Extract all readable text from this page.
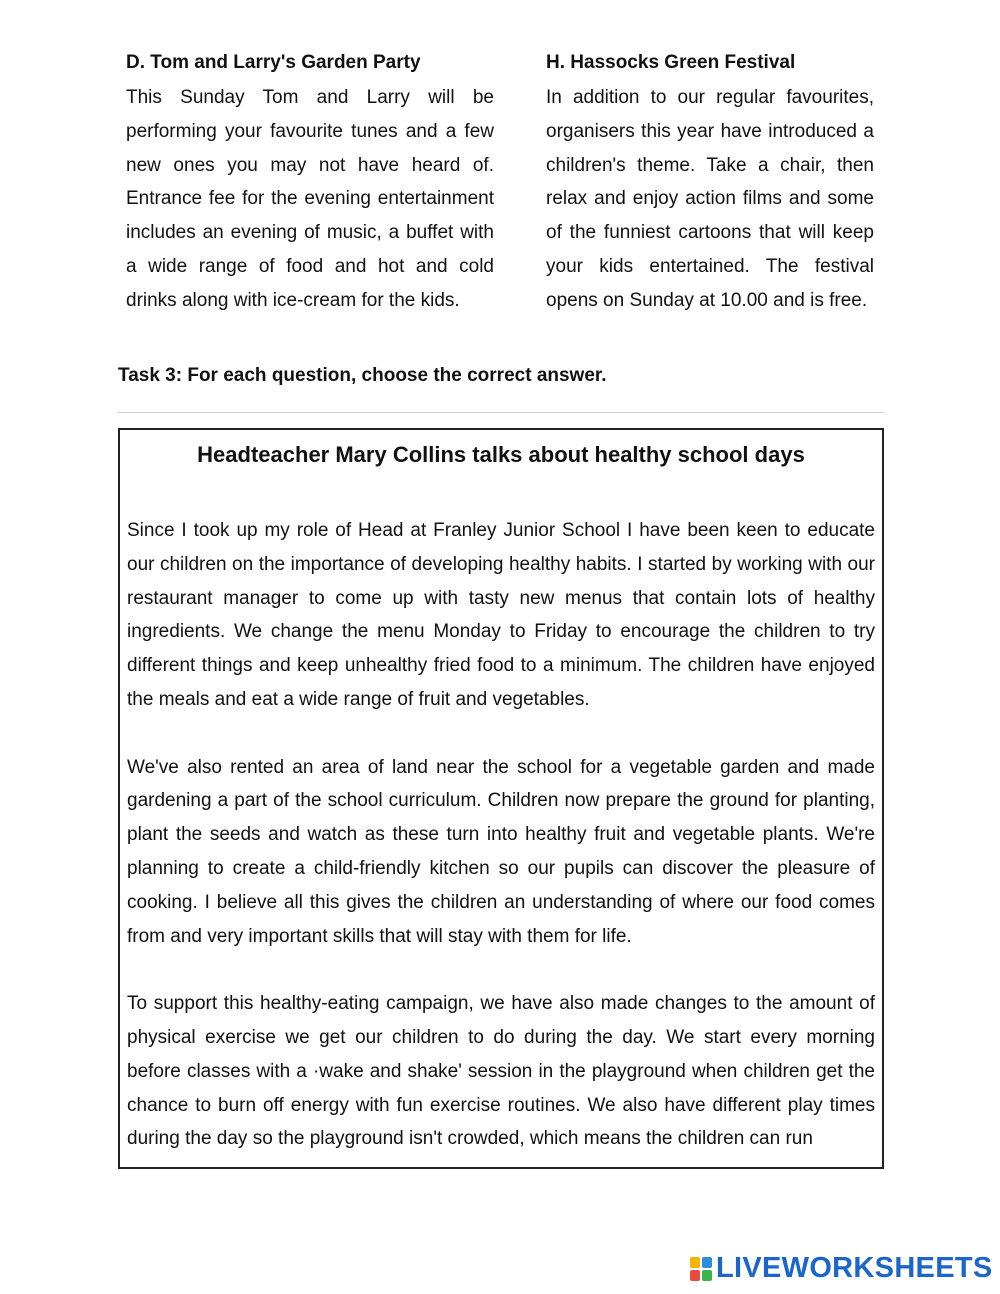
D. Tom and Larry's Garden Party

This Sunday Tom and Larry will be performing your favourite tunes and a few new ones you may not have heard of. Entrance fee for the evening entertainment includes an evening of music, a buffet with a wide range of food and hot and cold drinks along with ice-cream for the kids.

H. Hassocks Green Festival

In addition to our regular favourites, organisers this year have introduced a children's theme. Take a chair, then relax and enjoy action films and some of the funniest cartoons that will keep your kids entertained. The festival opens on Sunday at 10.00 and is free.

Task 3: For each question, choose the correct answer.

Headteacher Mary Collins talks about healthy school days

Since I took up my role of Head at Franley Junior School I have been keen to educate our children on the importance of developing healthy habits. I started by working with our restaurant manager to come up with tasty new menus that contain lots of healthy ingredients. We change the menu Monday to Friday to encourage the children to try different things and keep unhealthy fried food to a minimum. The children have enjoyed the meals and eat a wide range of fruit and vegetables.

We've also rented an area of land near the school for a vegetable garden and made gardening a part of the school curriculum. Children now prepare the ground for planting, plant the seeds and watch as these turn into healthy fruit and vegetable plants. We're planning to create a child-friendly kitchen so our pupils can discover the pleasure of cooking. I believe all this gives the children an understanding of where our food comes from and very important skills that will stay with them for life.

To support this healthy-eating campaign, we have also made changes to the amount of physical exercise we get our children to do during the day. We start every morning before classes with a ·wake and shake' session in the playground when children get the chance to burn off energy with fun exercise routines. We also have different play times during the day so the playground isn't crowded, which means the children can run

LIVEWORKSHEETS
